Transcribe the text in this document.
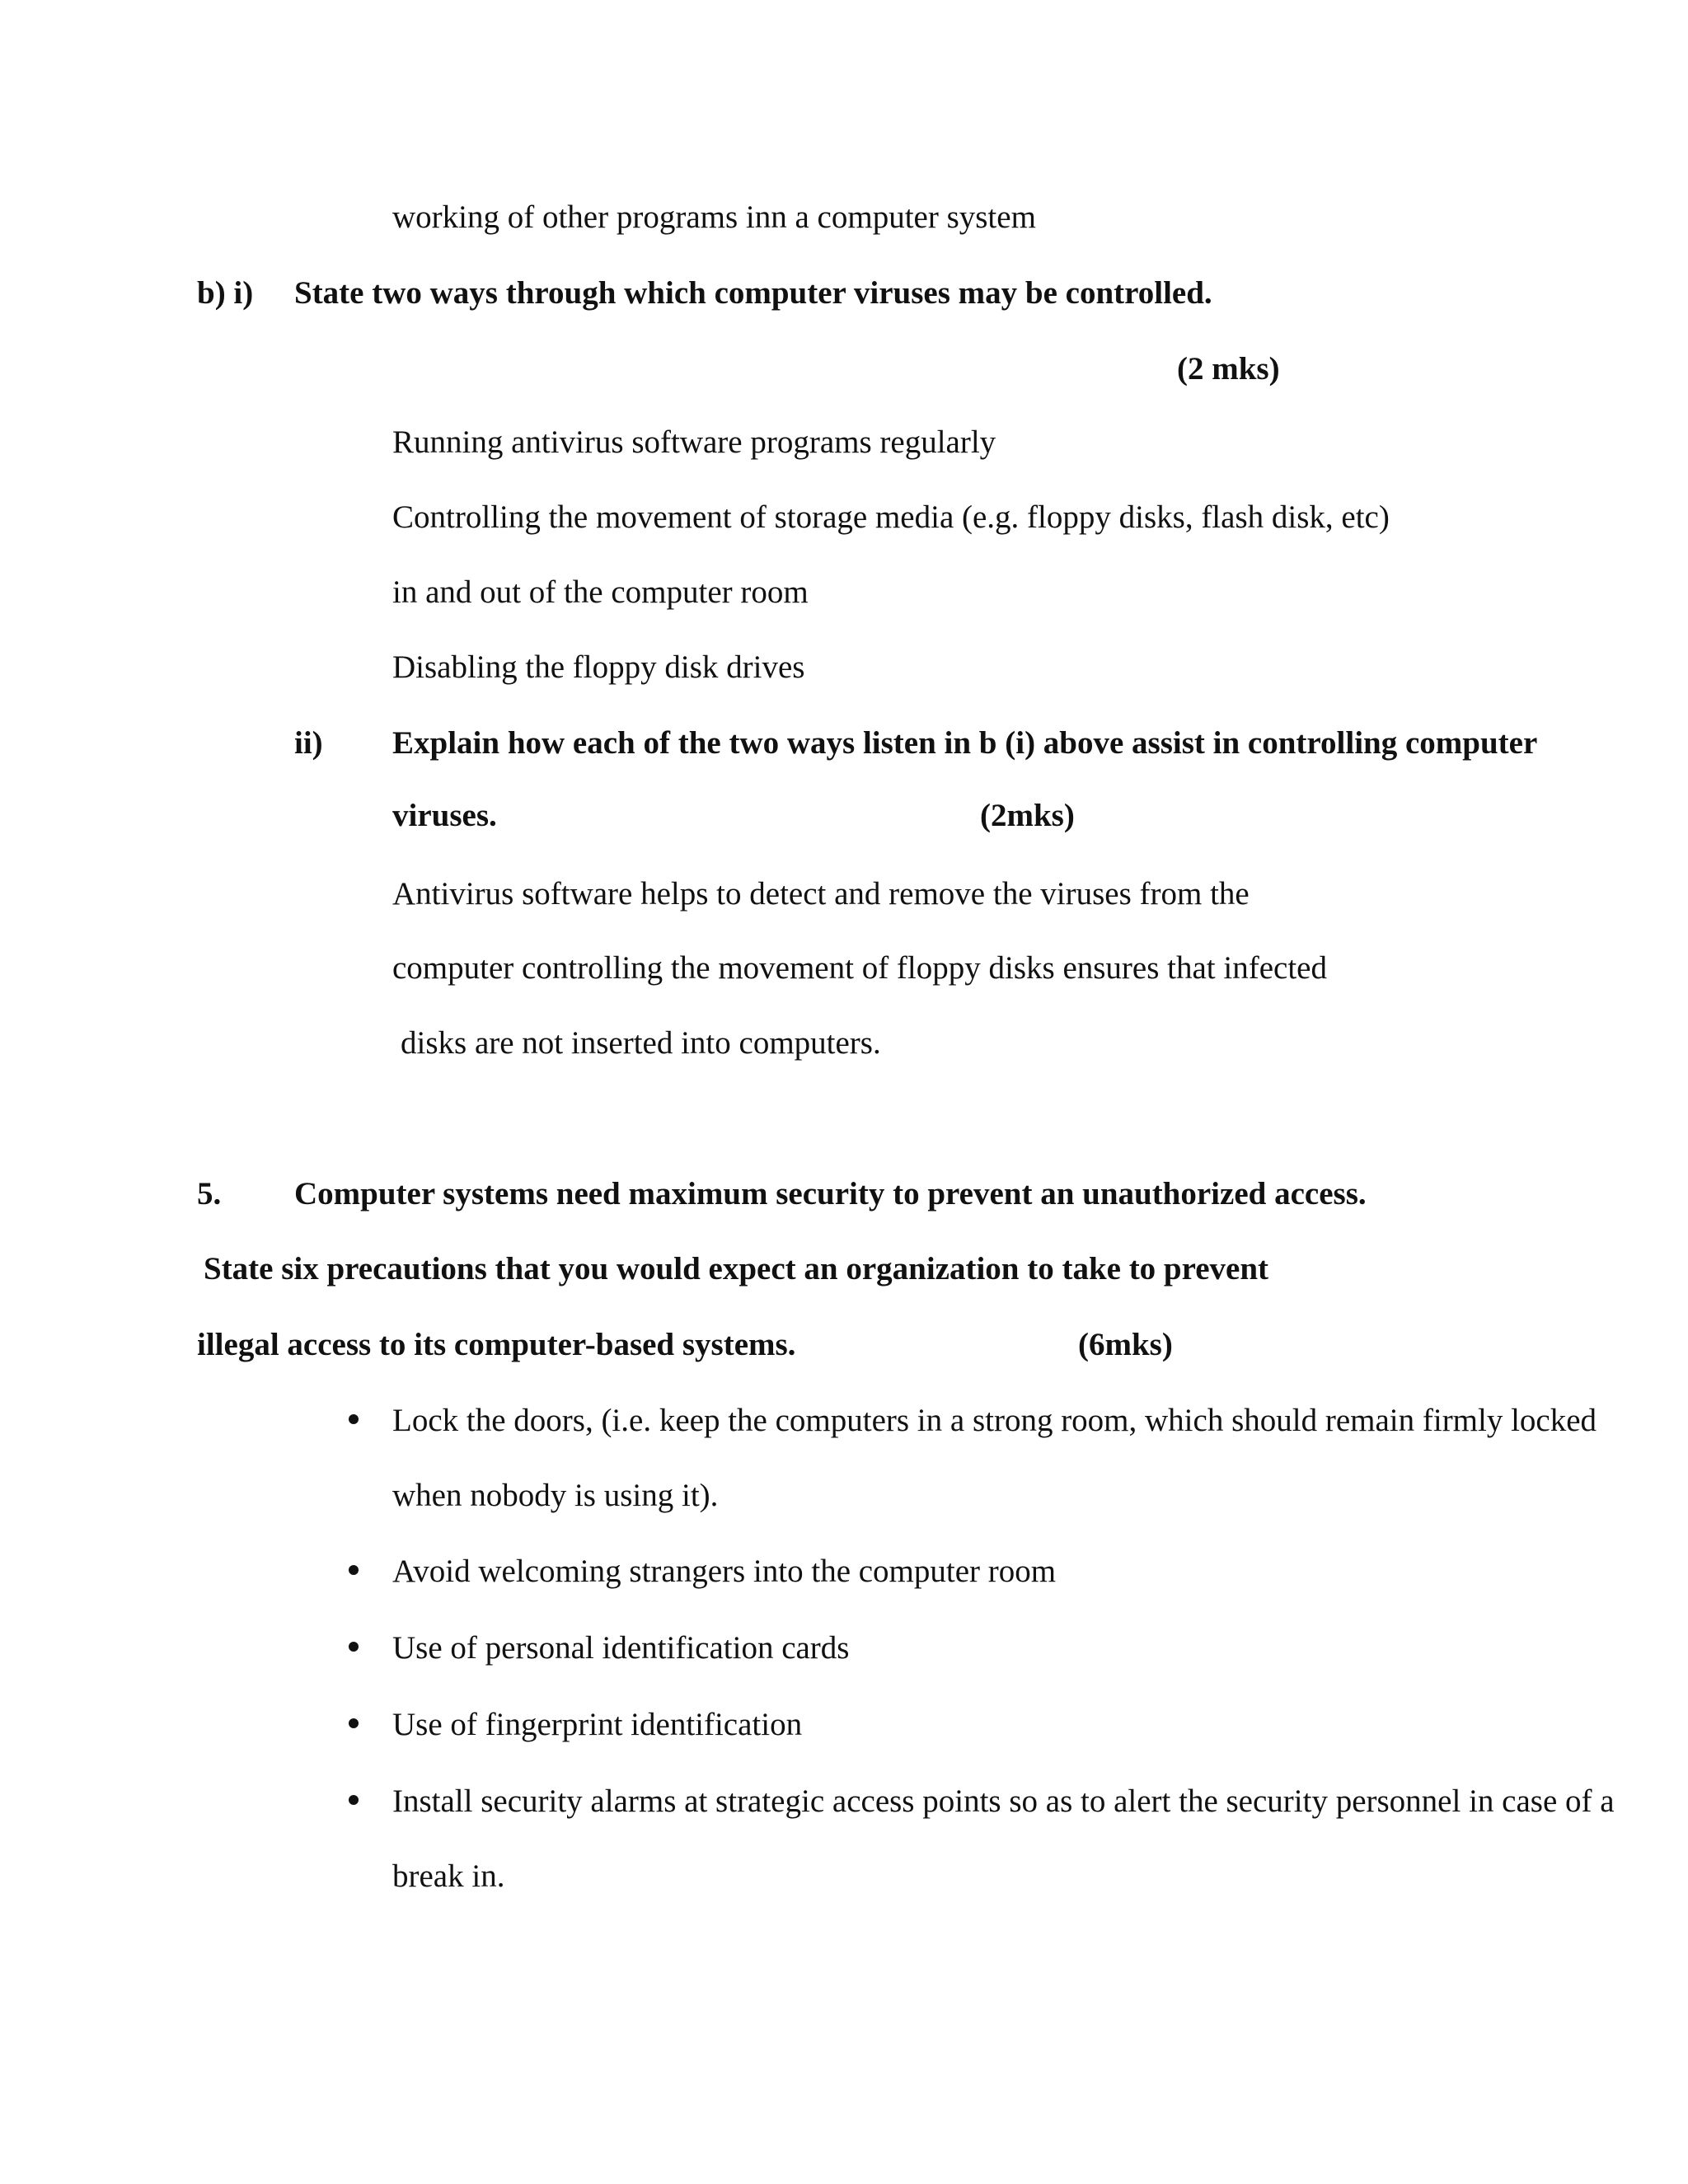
working of other programs inn a computer system
b) i) State two ways through which computer viruses may be controlled.
(2 mks)
Running antivirus software programs regularly
Controlling the movement of storage media (e.g. floppy disks, flash disk, etc)
in and out of the computer room
Disabling the floppy disk drives
ii) Explain how each of the two ways listen in b (i) above assist in controlling computer
viruses.	(2mks)
Antivirus software helps to detect and remove the viruses from the
computer controlling the movement of floppy disks ensures that infected
disks are not inserted into computers.
5. Computer systems need maximum security to prevent an unauthorized access.
State six precautions that you would expect an organization to take to prevent
illegal access to its computer-based systems.	(6mks)
Lock the doors, (i.e. keep the computers in a strong room, which should remain firmly locked
when nobody is using it).
Avoid welcoming strangers into the computer room
Use of personal identification cards
Use of fingerprint identification
Install security alarms at strategic access points so as to alert the security personnel in case of a
break in.
